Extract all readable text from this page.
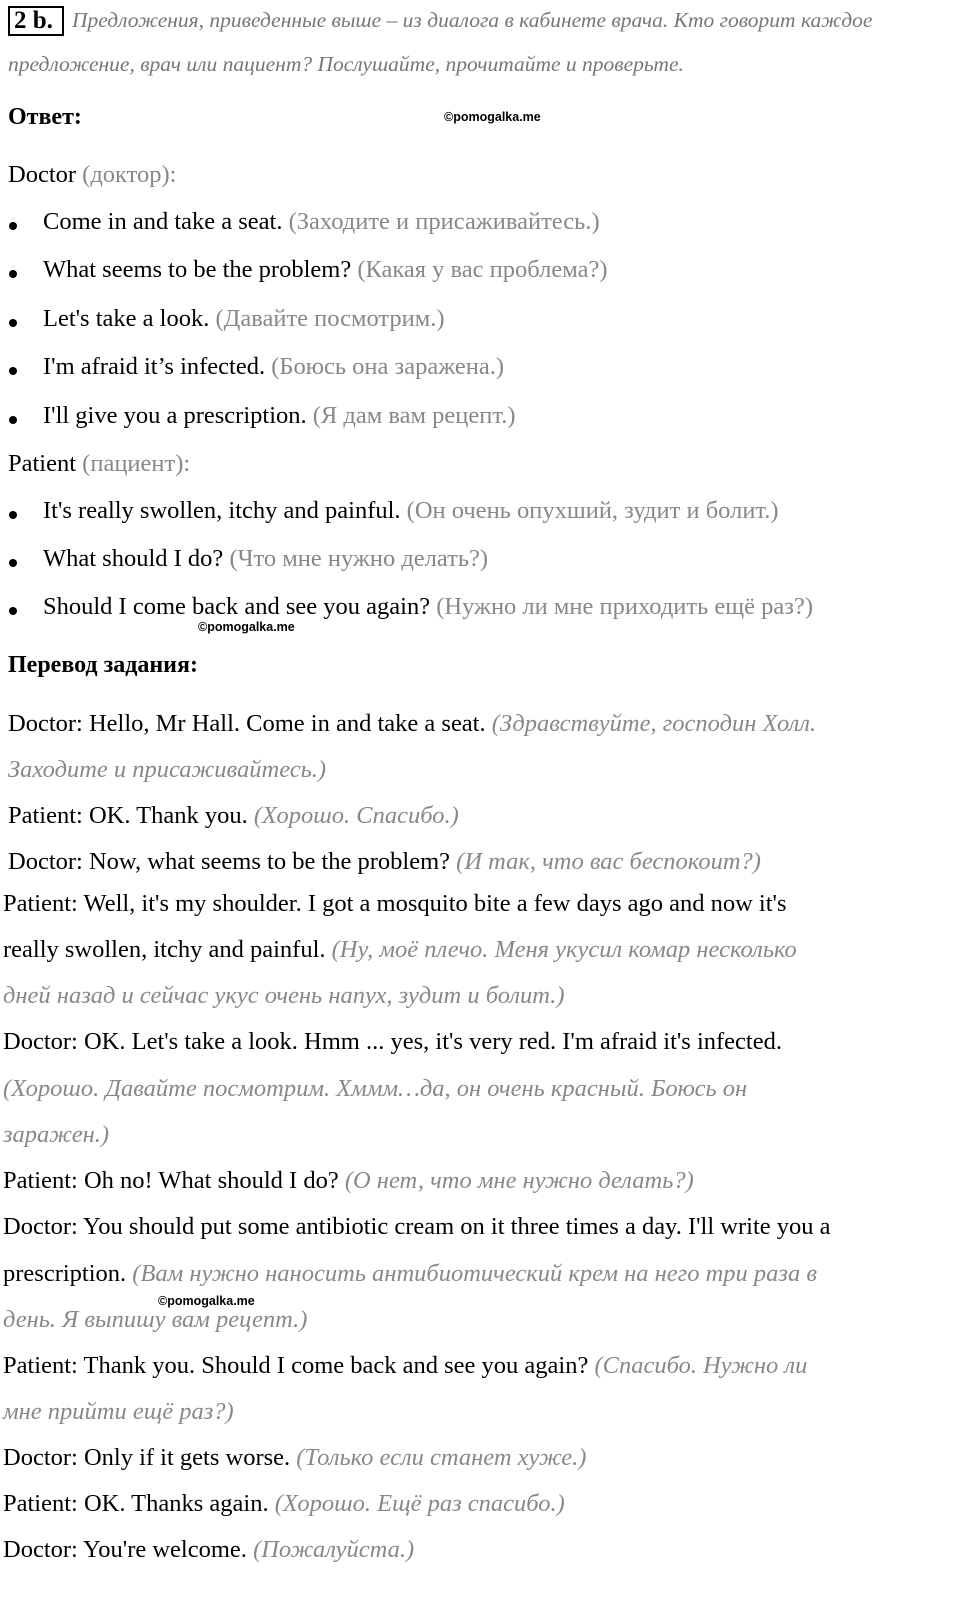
2 b. Предложения, приведенные выше – из диалога в кабинете врача. Кто говорит каждое
предложение, врач или пациент? Послушайте, прочитайте и проверьте.
Ответ:	©pomogalka.me
Doctor (доктор):
Come in and take a seat. (Заходите и присаживайтесь.)
What seems to be the problem? (Какая у вас проблема?)
Let's take a look. (Давайте посмотрим.)
I'm afraid it’s infected. (Боюсь она заражена.)
I'll give you a prescription. (Я дам вам рецепт.)
Patient (пациент):
It's really swollen, itchy and painful. (Он очень опухший, зудит и болит.)
What should I do? (Что мне нужно делать?)
Should I come back and see you again? (Нужно ли мне приходить ещё раз?)
©pomogalka.me
Перевод задания:
Doctor: Hello, Mr Hall. Come in and take a seat. (Здравствуйте, господин Холл.
Заходите и присаживайтесь.)
Patient: OK. Thank you. (Хорошо. Спасибо.)
Doctor: Now, what seems to be the problem? (И так, что вас беспокоит?)
Patient: Well, it's my shoulder. I got a mosquito bite a few days ago and now it's
really swollen, itchy and painful. (Ну, моё плечо. Меня укусил комар несколько
дней назад и сейчас укус очень напух, зудит и болит.)
Doctor: OK. Let's take a look. Hmm ... yes, it's very red. I'm afraid it's infected.
(Хорошо. Давайте посмотрим. Хммм…да, он очень красный. Боюсь он
заражен.)
Patient: Oh no! What should I do? (О нет, что мне нужно делать?)
Doctor: You should put some antibiotic cream on it three times a day. I'll write you a
prescription. (Вам нужно наносить антибиотический крем на него три раза в
©pomogalka.me
день. Я выпишу вам рецепт.)
Patient: Thank you. Should I come back and see you again? (Спасибо. Нужно ли
мне прийти ещё раз?)
Doctor: Only if it gets worse. (Только если станет хуже.)
Patient: OK. Thanks again. (Хорошо. Ещё раз спасибо.)
Doctor: You're welcome. (Пожалуйста.)
